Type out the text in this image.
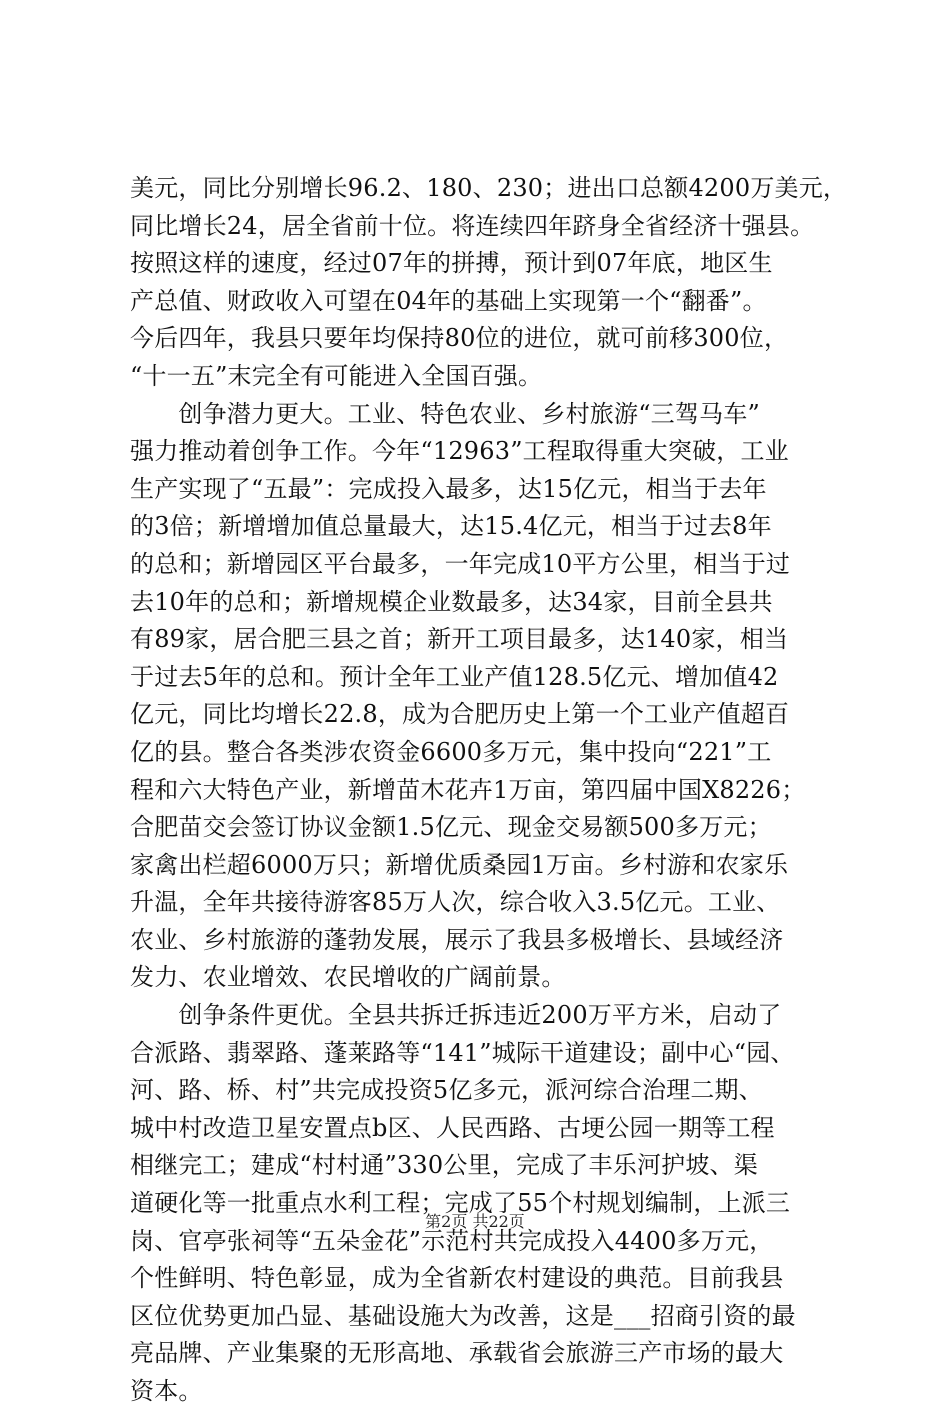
美元，同比分别增长96.2、180、230；进出口总额4200万美元，
同比增长24，居全省前十位。将连续四年跻身全省经济十强县。
按照这样的速度，经过07年的拼搏，预计到07年底，地区生
产总值、财政收入可望在04年的基础上实现第一个“翻番”。
今后四年，我县只要年均保持80位的进位，就可前移300位，
“十一五”末完全有可能进入全国百强。
　　创争潜力更大。工业、特色农业、乡村旅游“三驾马车”
强力推动着创争工作。今年“12963”工程取得重大突破，工业
生产实现了“五最”：完成投入最多，达15亿元，相当于去年
的3倍；新增增加值总量最大，达15.4亿元，相当于过去8年
的总和；新增园区平台最多，一年完成10平方公里，相当于过
去10年的总和；新增规模企业数最多，达34家，目前全县共
有89家，居合肥三县之首；新开工项目最多，达140家，相当
于过去5年的总和。预计全年工业产值128.5亿元、增加值42
亿元，同比均增长22.8，成为合肥历史上第一个工业产值超百
亿的县。整合各类涉农资金6600多万元，集中投向“221”工
程和六大特色产业，新增苗木花卉1万亩，第四届中国X8226；
合肥苗交会签订协议金额1.5亿元、现金交易额500多万元；
家禽出栏超6000万只；新增优质桑园1万亩。乡村游和农家乐
升温，全年共接待游客85万人次，综合收入3.5亿元。工业、
农业、乡村旅游的蓬勃发展，展示了我县多极增长、县域经济
发力、农业增效、农民增收的广阔前景。
　　创争条件更优。全县共拆迁拆违近200万平方米，启动了
合派路、翡翠路、蓬莱路等“141”城际干道建设；副中心“园、
河、路、桥、村”共完成投资5亿多元，派河综合治理二期、
城中村改造卫星安置点b区、人民西路、古埂公园一期等工程
相继完工；建成“村村通”330公里，完成了丰乐河护坡、渠
道硬化等一批重点水利工程；完成了55个村规划编制，上派三
岗、官亭张祠等“五朵金花”示范村共完成投入4400多万元，
个性鲜明、特色彰显，成为全省新农村建设的典范。目前我县
区位优势更加凸显、基础设施大为改善，这是___招商引资的最
亮品牌、产业集聚的无形高地、承载省会旅游三产市场的最大
资本。
第2页 共22页
